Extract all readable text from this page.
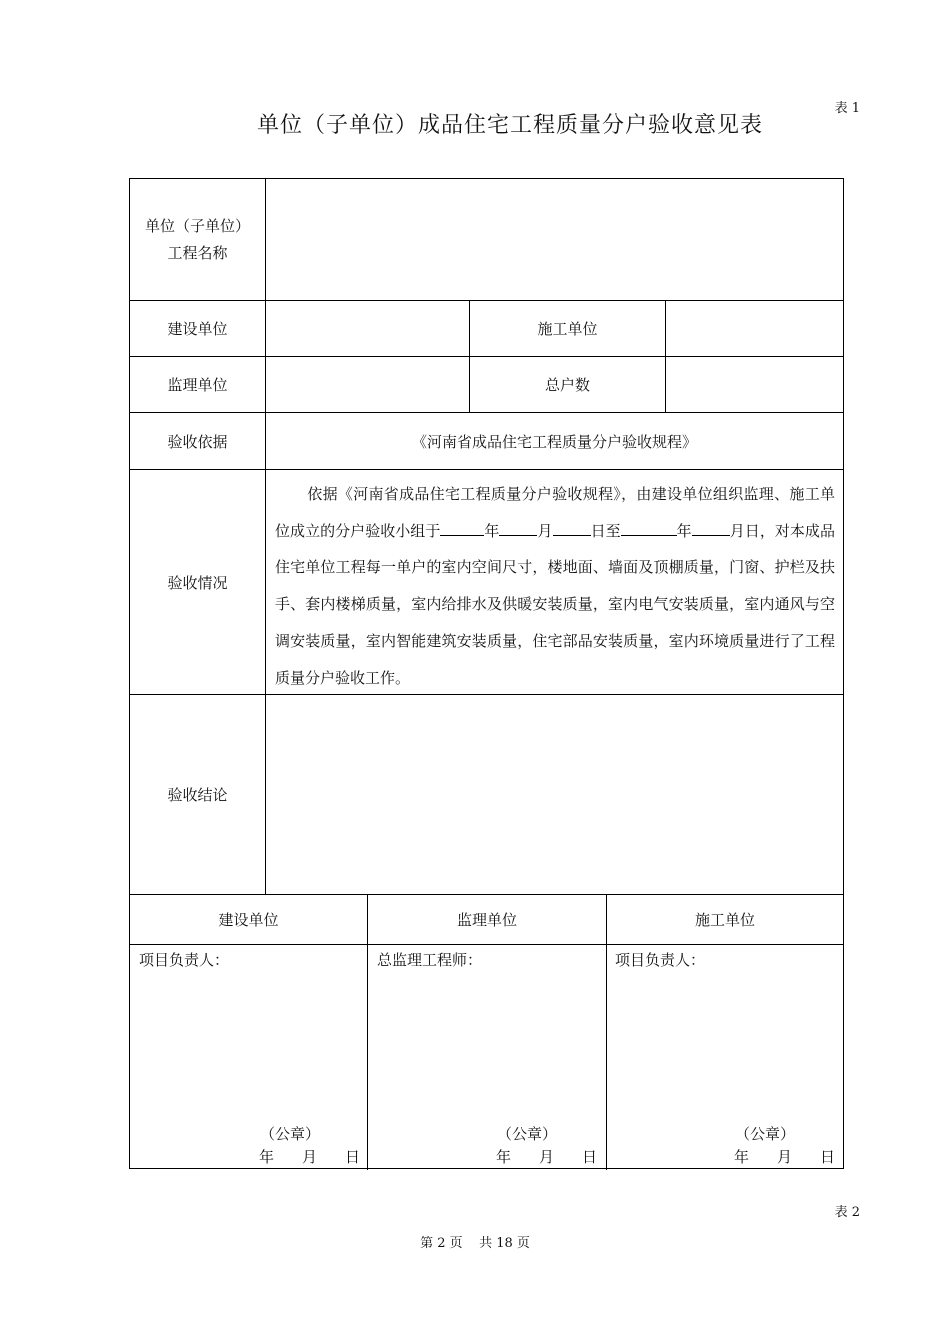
表 1
单位（子单位）成品住宅工程质量分户验收意见表
单位（子单位）
工程名称
建设单位	施工单位
监理单位	总户数
验收依据	《河南省成品住宅工程质量分户验收规程》
验收情况
依据《河南省成品住宅工程质量分户验收规程》，由建设单位组织监理、施工单位成立的分户验收小组于	年	月	日至	年	月日，对本成品住宅单位工程每一单户的室内空间尺寸，楼地面、墙面及顶棚质量，门窗、护栏及扶手、套内楼梯质量，室内给排水及供暖安装质量，室内电气安装质量，室内通风与空调安装质量，室内智能建筑安装质量，住宅部品安装质量，室内环境质量进行了工程质量分户验收工作。
验收结论
建设单位	监理单位	施工单位
项目负责人：	总监理工程师：	项目负责人：
（公章）	（公章）	（公章）
年 月 日	年 月 日	年 月 日
表 2
第 2 页    共 18 页
